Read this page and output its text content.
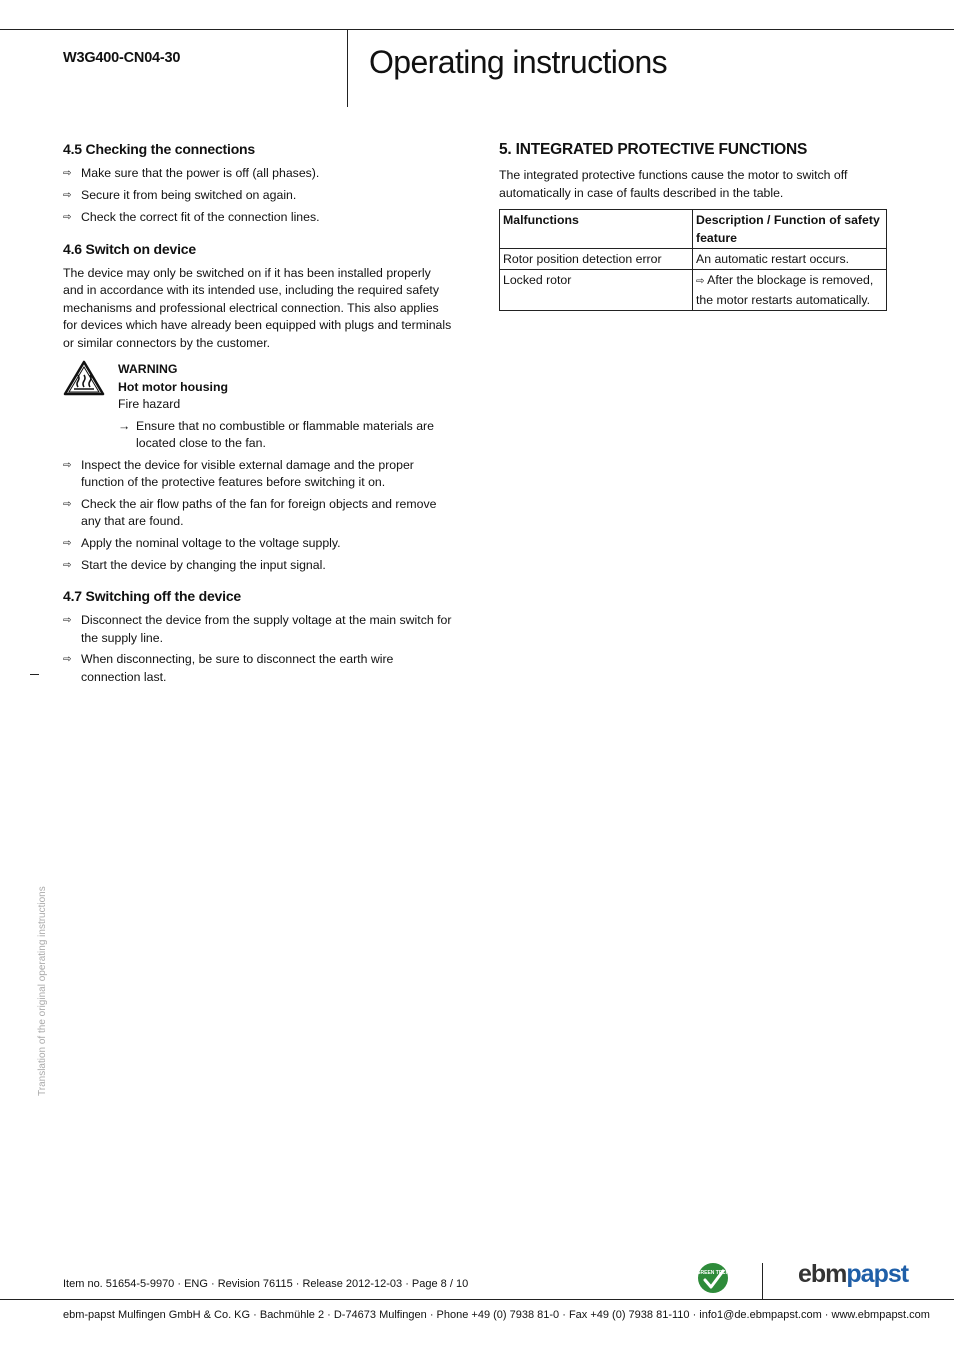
W3G400-CN04-30	Operating instructions
4.5 Checking the connections
⇨ Make sure that the power is off (all phases).
⇨ Secure it from being switched on again.
⇨ Check the correct fit of the connection lines.
4.6 Switch on device

The device may only be switched on if it has been installed properly and in accordance with its intended use, including the required safety mechanisms and professional electrical connection. This also applies for devices which have already been equipped with plugs and terminals or similar connectors by the customer.

WARNING
Hot motor housing
Fire hazard
→ Ensure that no combustible or flammable materials are located close to the fan.
⇨ Inspect the device for visible external damage and the proper function of the protective features before switching it on.
⇨ Check the air flow paths of the fan for foreign objects and remove any that are found.
⇨ Apply the nominal voltage to the voltage supply.
⇨ Start the device by changing the input signal.
4.7 Switching off the device
⇨ Disconnect the device from the supply voltage at the main switch for the supply line.
⇨ When disconnecting, be sure to disconnect the earth wire connection last.
5. INTEGRATED PROTECTIVE FUNCTIONS

The integrated protective functions cause the motor to switch off automatically in case of faults described in the table.

Malfunctions	Description / Function of safety feature
Rotor position detection error	An automatic restart occurs.
Locked rotor	⇨ After the blockage is removed, the motor restarts automatically.
Translation of the original operating instructions
Item no. 51654-5-9970 · ENG · Revision 76115 · Release 2012-12-03 · Page 8 / 10
GREEN TECH	ebmpapst
ebm-papst Mulfingen GmbH & Co. KG · Bachmühle 2 · D-74673 Mulfingen · Phone +49 (0) 7938 81-0 · Fax +49 (0) 7938 81-110 · info1@de.ebmpapst.com · www.ebmpapst.com
